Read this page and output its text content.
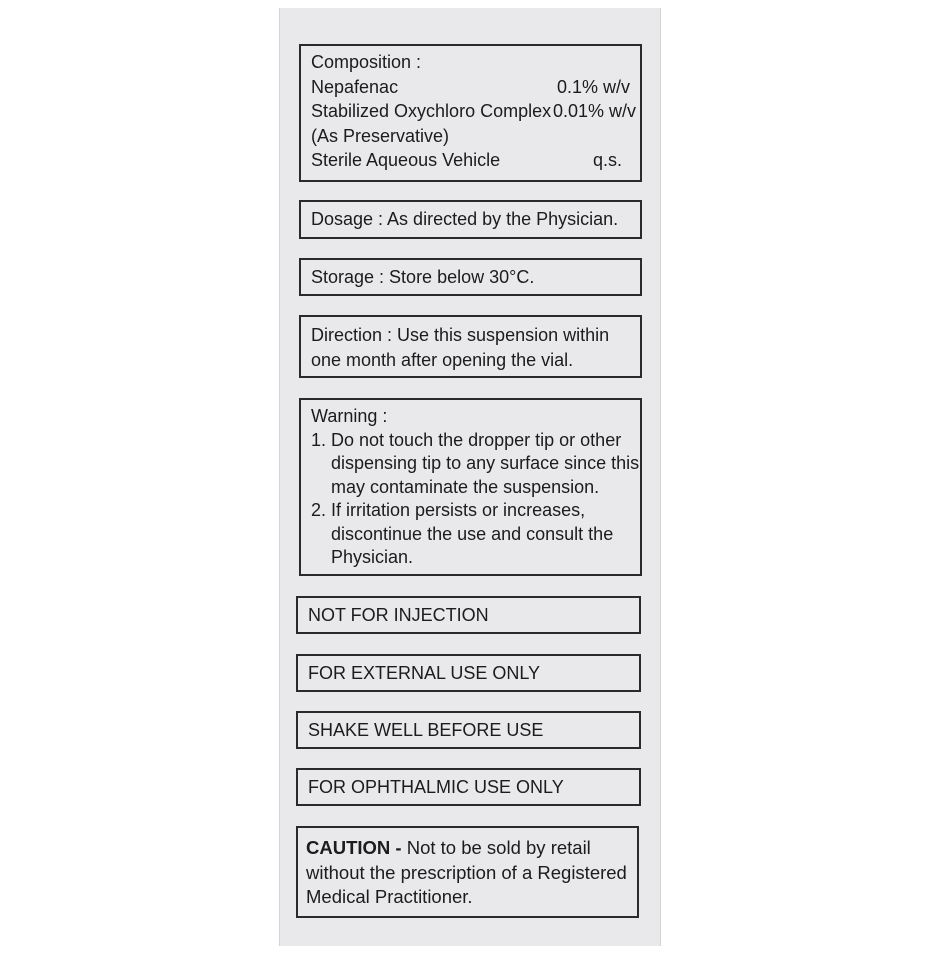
Composition :
Nepafenac	0.1% w/v
Stabilized Oxychloro Complex 0.01% w/v
(As Preservative)
Sterile Aqueous Vehicle	q.s.
Dosage : As directed by the Physician.
Storage : Store below 30°C.
Direction : Use this suspension within
one month after opening the vial.
Warning :
1. Do not touch the dropper tip or other
dispensing tip to any surface since this
may contaminate the suspension.
2. If irritation persists or increases,
discontinue the use and consult the
Physician.
NOT FOR INJECTION
FOR EXTERNAL USE ONLY
SHAKE WELL BEFORE USE
FOR OPHTHALMIC USE ONLY
CAUTION - Not to be sold by retail
without the prescription of a Registered
Medical Practitioner.
